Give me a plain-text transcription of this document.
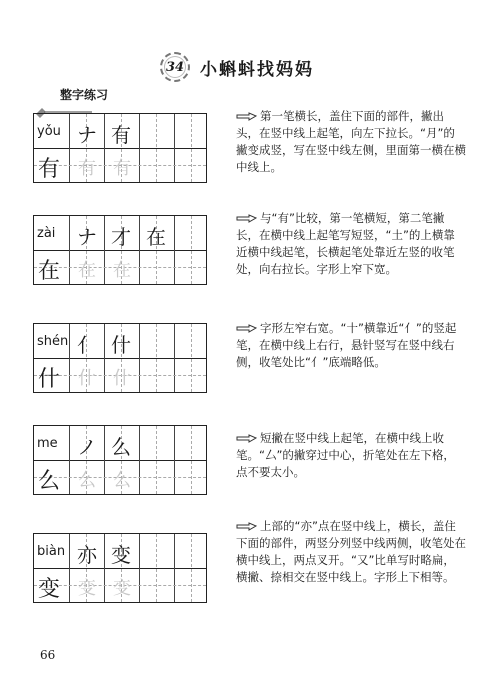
34 小蝌蚪找妈妈
整字练习
yǒu ナ 有
有 有 有
第一笔横长，盖住下面的部件，撇出头，在竖中线上起笔，向左下拉长。“月”的撇变成竖，写在竖中线左侧，里面第一横在横中线上。
zài ナ 才 在
在 在 在
与“有”比较，第一笔横短，第二笔撇长，在横中线上起笔写短竖，“土”的上横靠近横中线起笔，长横起笔处靠近左竖的收笔处，向右拉长。字形上窄下宽。
shén 亻 什
什 什 什
字形左窄右宽。“十”横靠近“亻”的竖起笔，在横中线上右行，悬针竖写在竖中线右侧，收笔处比“亻”底端略低。
me ノ 么
么 么 么
短撇在竖中线上起笔，在横中线上收笔。“厶”的撇穿过中心，折笔处在左下格，点不要太小。
biàn 亦 变
变 变 变
上部的“亦”点在竖中线上，横长，盖住下面的部件，两竖分列竖中线两侧，收笔处在横中线上，两点叉开。“又”比单写时略扁，横撇、捺相交在竖中线上。字形上下相等。
66
